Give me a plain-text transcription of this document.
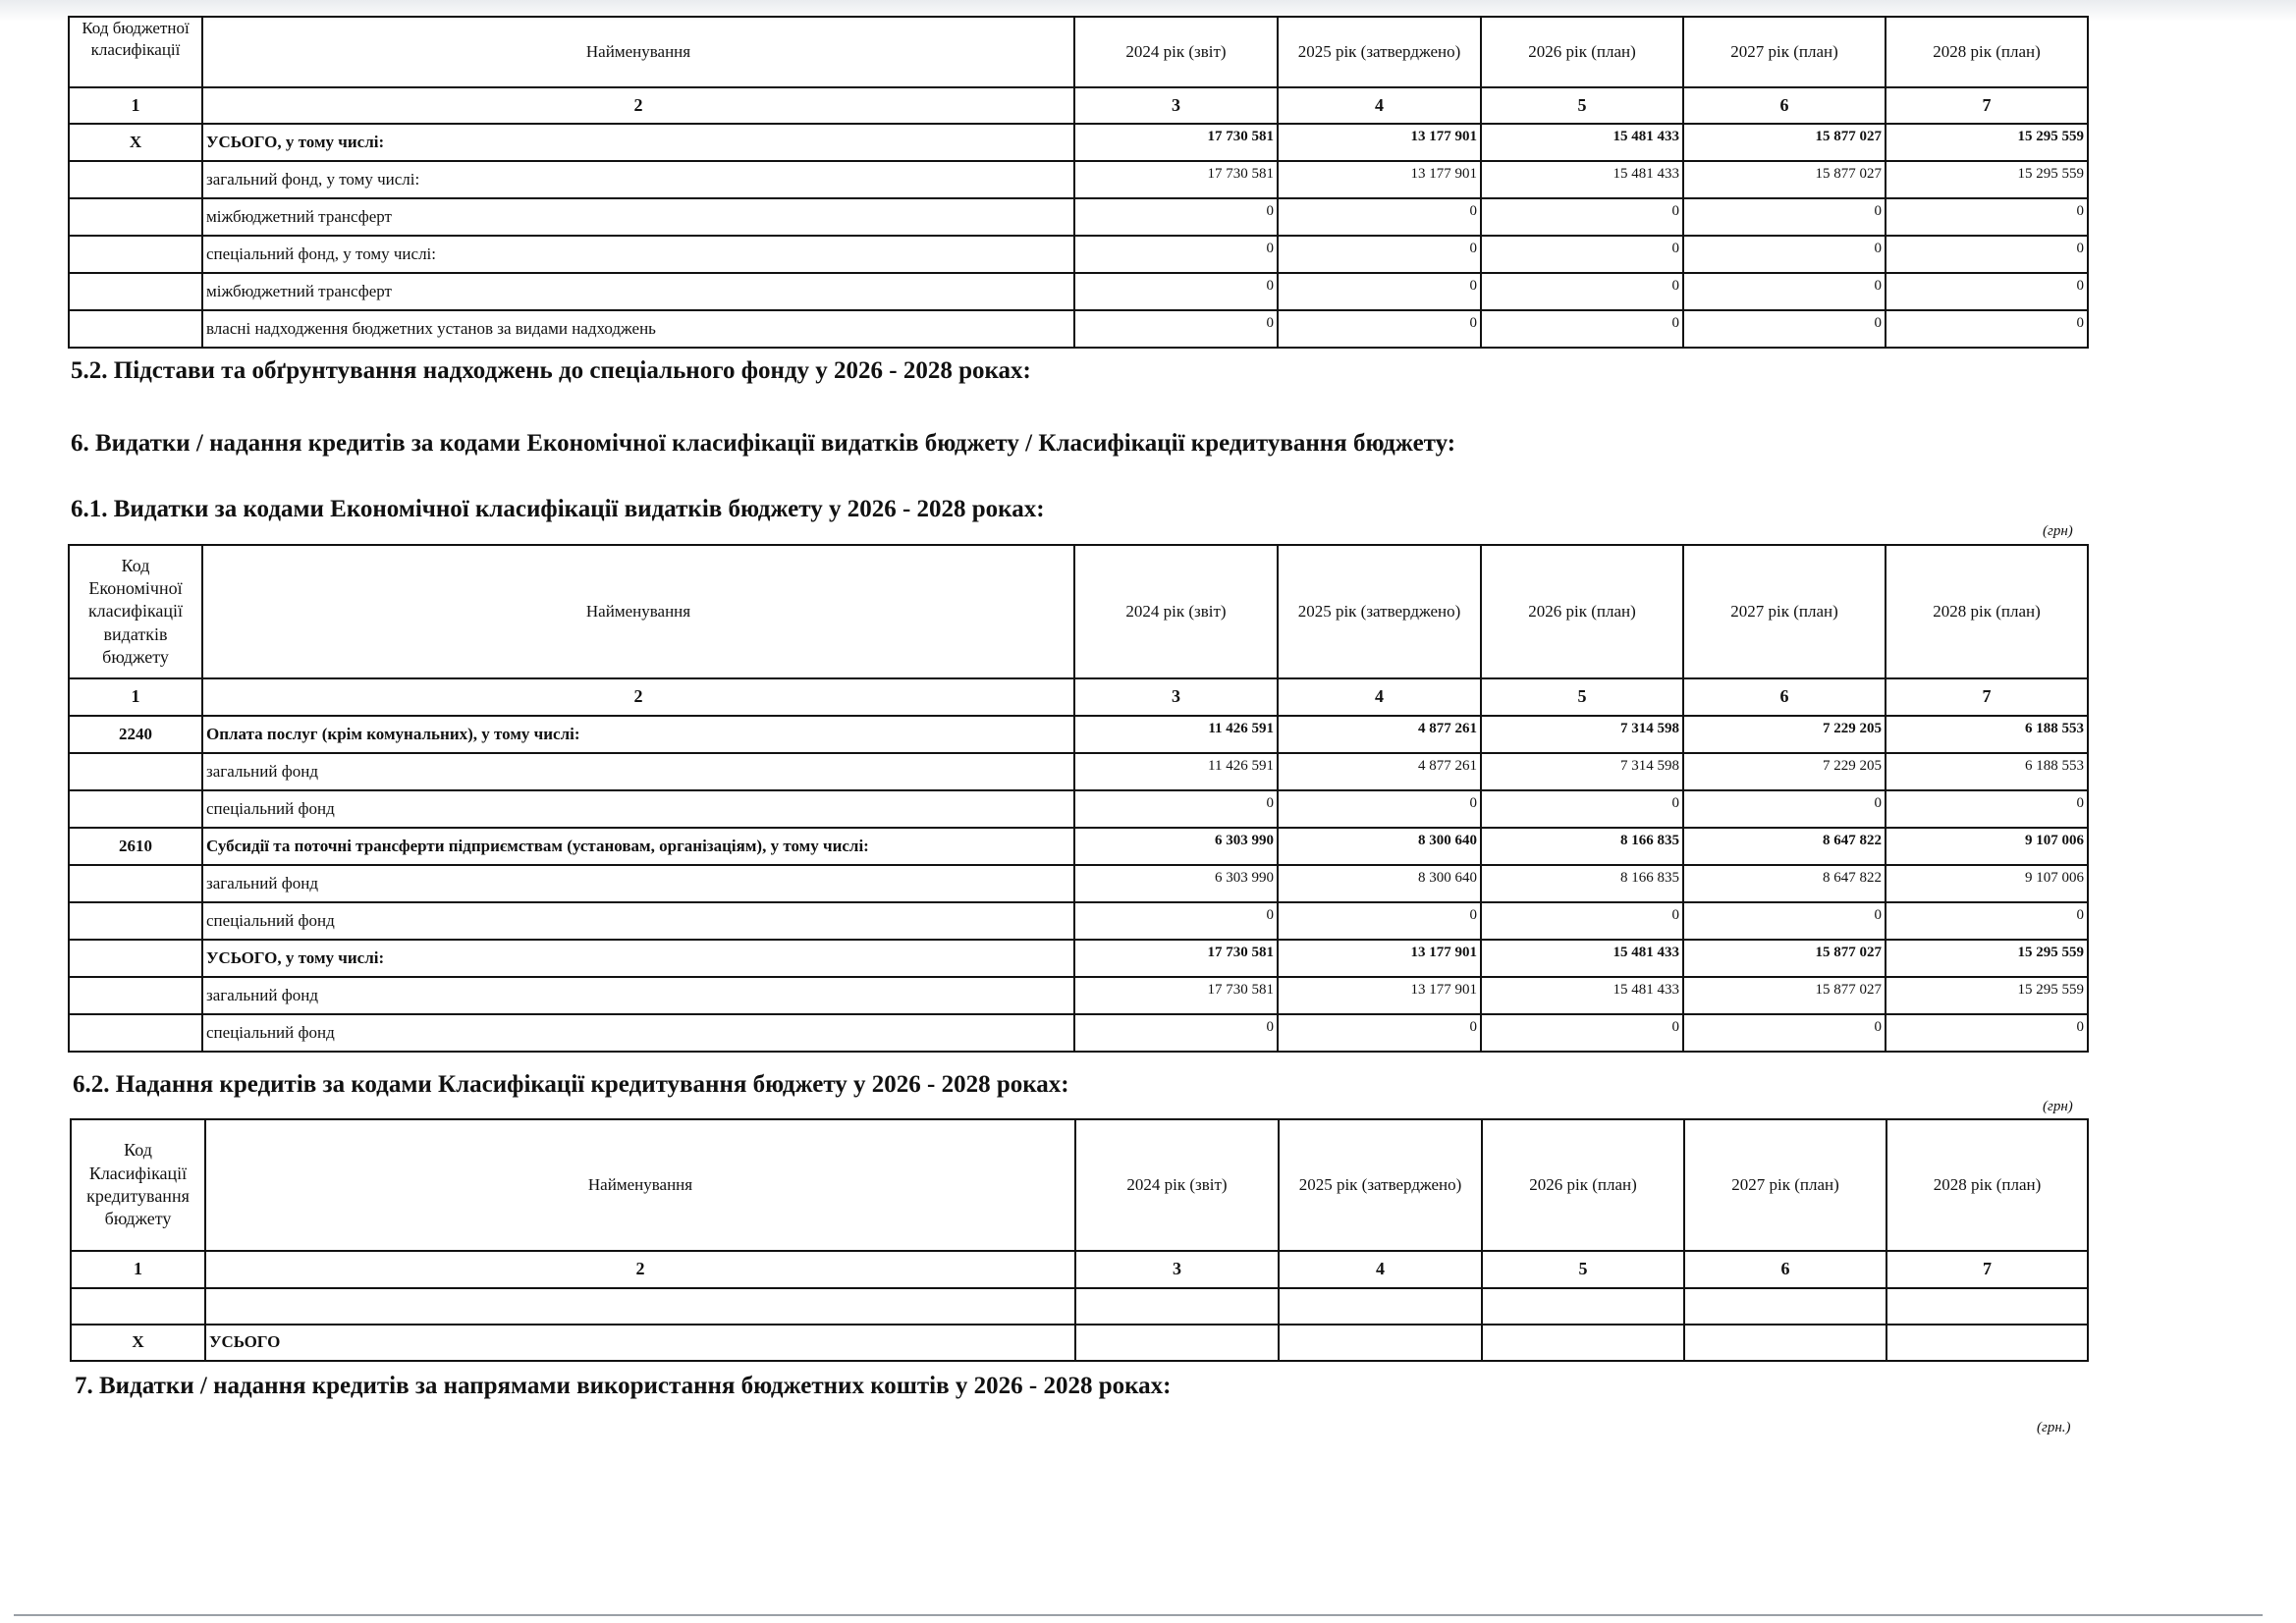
Код бюджетної класифікації	Найменування	2024 рік (звіт)	2025 рік (затверджено)	2026 рік (план)	2027 рік (план)	2028 рік (план)
1	2	3	4	5	6	7
Х	УСЬОГО, у тому числі:	17 730 581	13 177 901	15 481 433	15 877 027	15 295 559
	загальний фонд, у тому числі:	17 730 581	13 177 901	15 481 433	15 877 027	15 295 559
	міжбюджетний трансферт	0	0	0	0	0
	спеціальний фонд, у тому числі:	0	0	0	0	0
	міжбюджетний трансферт	0	0	0	0	0
	власні надходження бюджетних установ за видами надходжень	0	0	0	0	0
5.2. Підстави та обґрунтування надходжень до спеціального фонду у 2026 - 2028 роках:
6. Видатки / надання кредитів за кодами Економічної класифікації видатків бюджету / Класифікації кредитування бюджету:
6.1. Видатки за кодами Економічної класифікації видатків бюджету у 2026 - 2028 роках:
(грн)
Код Економічної класифікації видатків бюджету	Найменування	2024 рік (звіт)	2025 рік (затверджено)	2026 рік (план)	2027 рік (план)	2028 рік (план)
1	2	3	4	5	6	7
2240	Оплата послуг (крім комунальних), у тому числі:	11 426 591	4 877 261	7 314 598	7 229 205	6 188 553
	загальний фонд	11 426 591	4 877 261	7 314 598	7 229 205	6 188 553
	спеціальний фонд	0	0	0	0	0
2610	Субсидії та поточні трансферти підприємствам (установам, організаціям), у тому числі:	6 303 990	8 300 640	8 166 835	8 647 822	9 107 006
	загальний фонд	6 303 990	8 300 640	8 166 835	8 647 822	9 107 006
	спеціальний фонд	0	0	0	0	0
	УСЬОГО, у тому числі:	17 730 581	13 177 901	15 481 433	15 877 027	15 295 559
	загальний фонд	17 730 581	13 177 901	15 481 433	15 877 027	15 295 559
	спеціальний фонд	0	0	0	0	0
6.2. Надання кредитів за кодами Класифікації кредитування бюджету у 2026 - 2028 роках:
(грн)
Код Класифікації кредитування бюджету	Найменування	2024 рік (звіт)	2025 рік (затверджено)	2026 рік (план)	2027 рік (план)	2028 рік (план)
1	2	3	4	5	6	7

Х	УСЬОГО					
7. Видатки / надання кредитів за напрямами використання бюджетних коштів у 2026 - 2028 роках:
(грн.)
